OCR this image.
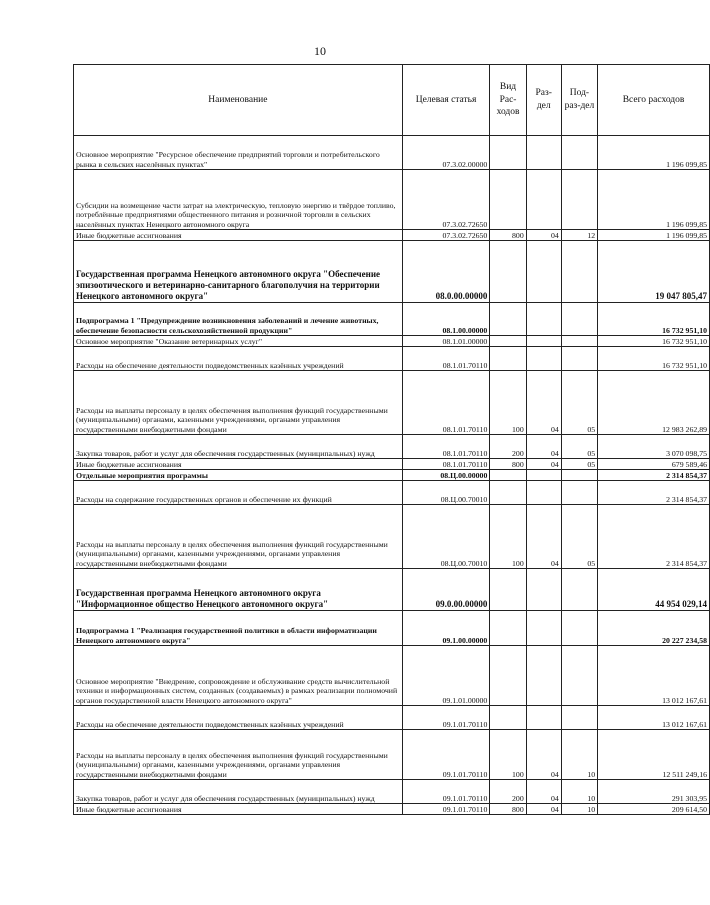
10
Наименование	Целевая статья	Вид Рас-ходов	Раз-дел	Под-раз-дел	Всего расходов
Основное мероприятие "Ресурсное обеспечение предприятий торговли и потребительского рынка в сельских населённых пунктах"	07.3.02.00000				1 196 099,85
Субсидии на возмещение части затрат на электрическую, тепловую энергию и твёрдое топливо, потреблённые предприятиями общественного питания и розничной торговли в сельских населённых пунктах Ненецкого автономного округа	07.3.02.72650				1 196 099,85
Иные бюджетные ассигнования	07.3.02.72650	800	04	12	1 196 099,85
Государственная программа Ненецкого автономного округа "Обеспечение эпизоотического и ветеринарно-санитарного благополучия на территории Ненецкого автономного округа"	08.0.00.00000				19 047 805,47
Подпрограмма 1 "Предупреждение возникновения заболеваний и лечение животных, обеспечение безопасности сельскохозяйственной продукции"	08.1.00.00000				16 732 951,10
Основное мероприятие "Оказание ветеринарных услуг"	08.1.01.00000				16 732 951,10
Расходы на обеспечение деятельности подведомственных казённых учреждений	08.1.01.70110				16 732 951,10
Расходы на выплаты персоналу в целях обеспечения выполнения функций государственными (муниципальными) органами, казенными учреждениями, органами управления государственными внебюджетными фондами	08.1.01.70110	100	04	05	12 983 262,89
Закупка товаров, работ и услуг для обеспечения государственных (муниципальных) нужд	08.1.01.70110	200	04	05	3 070 098,75
Иные бюджетные ассигнования	08.1.01.70110	800	04	05	679 589,46
Отдельные мероприятия программы	08.Ц.00.00000				2 314 854,37
Расходы на содержание государственных органов и обеспечение их функций	08.Ц.00.70010				2 314 854,37
Расходы на выплаты персоналу в целях обеспечения выполнения функций государственными (муниципальными) органами, казенными учреждениями, органами управления государственными внебюджетными фондами	08.Ц.00.70010	100	04	05	2 314 854,37
Государственная программа Ненецкого автономного округа "Информационное общество Ненецкого автономного округа"	09.0.00.00000				44 954 029,14
Подпрограмма 1 "Реализация государственной политики в области информатизации Ненецкого автономного округа"	09.1.00.00000				20 227 234,58
Основное мероприятие "Внедрение, сопровождение и обслуживание средств вычислительной техники и информационных систем, созданных (создаваемых) в рамках реализации полномочий органов государственной власти Ненецкого автономного округа"	09.1.01.00000				13 012 167,61
Расходы на обеспечение деятельности подведомственных казённых учреждений	09.1.01.70110				13 012 167,61
Расходы на выплаты персоналу в целях обеспечения выполнения функций государственными (муниципальными) органами, казенными учреждениями, органами управления государственными внебюджетными фондами	09.1.01.70110	100	04	10	12 511 249,16
Закупка товаров, работ и услуг для обеспечения государственных (муниципальных) нужд	09.1.01.70110	200	04	10	291 303,95
Иные бюджетные ассигнования	09.1.01.70110	800	04	10	209 614,50
